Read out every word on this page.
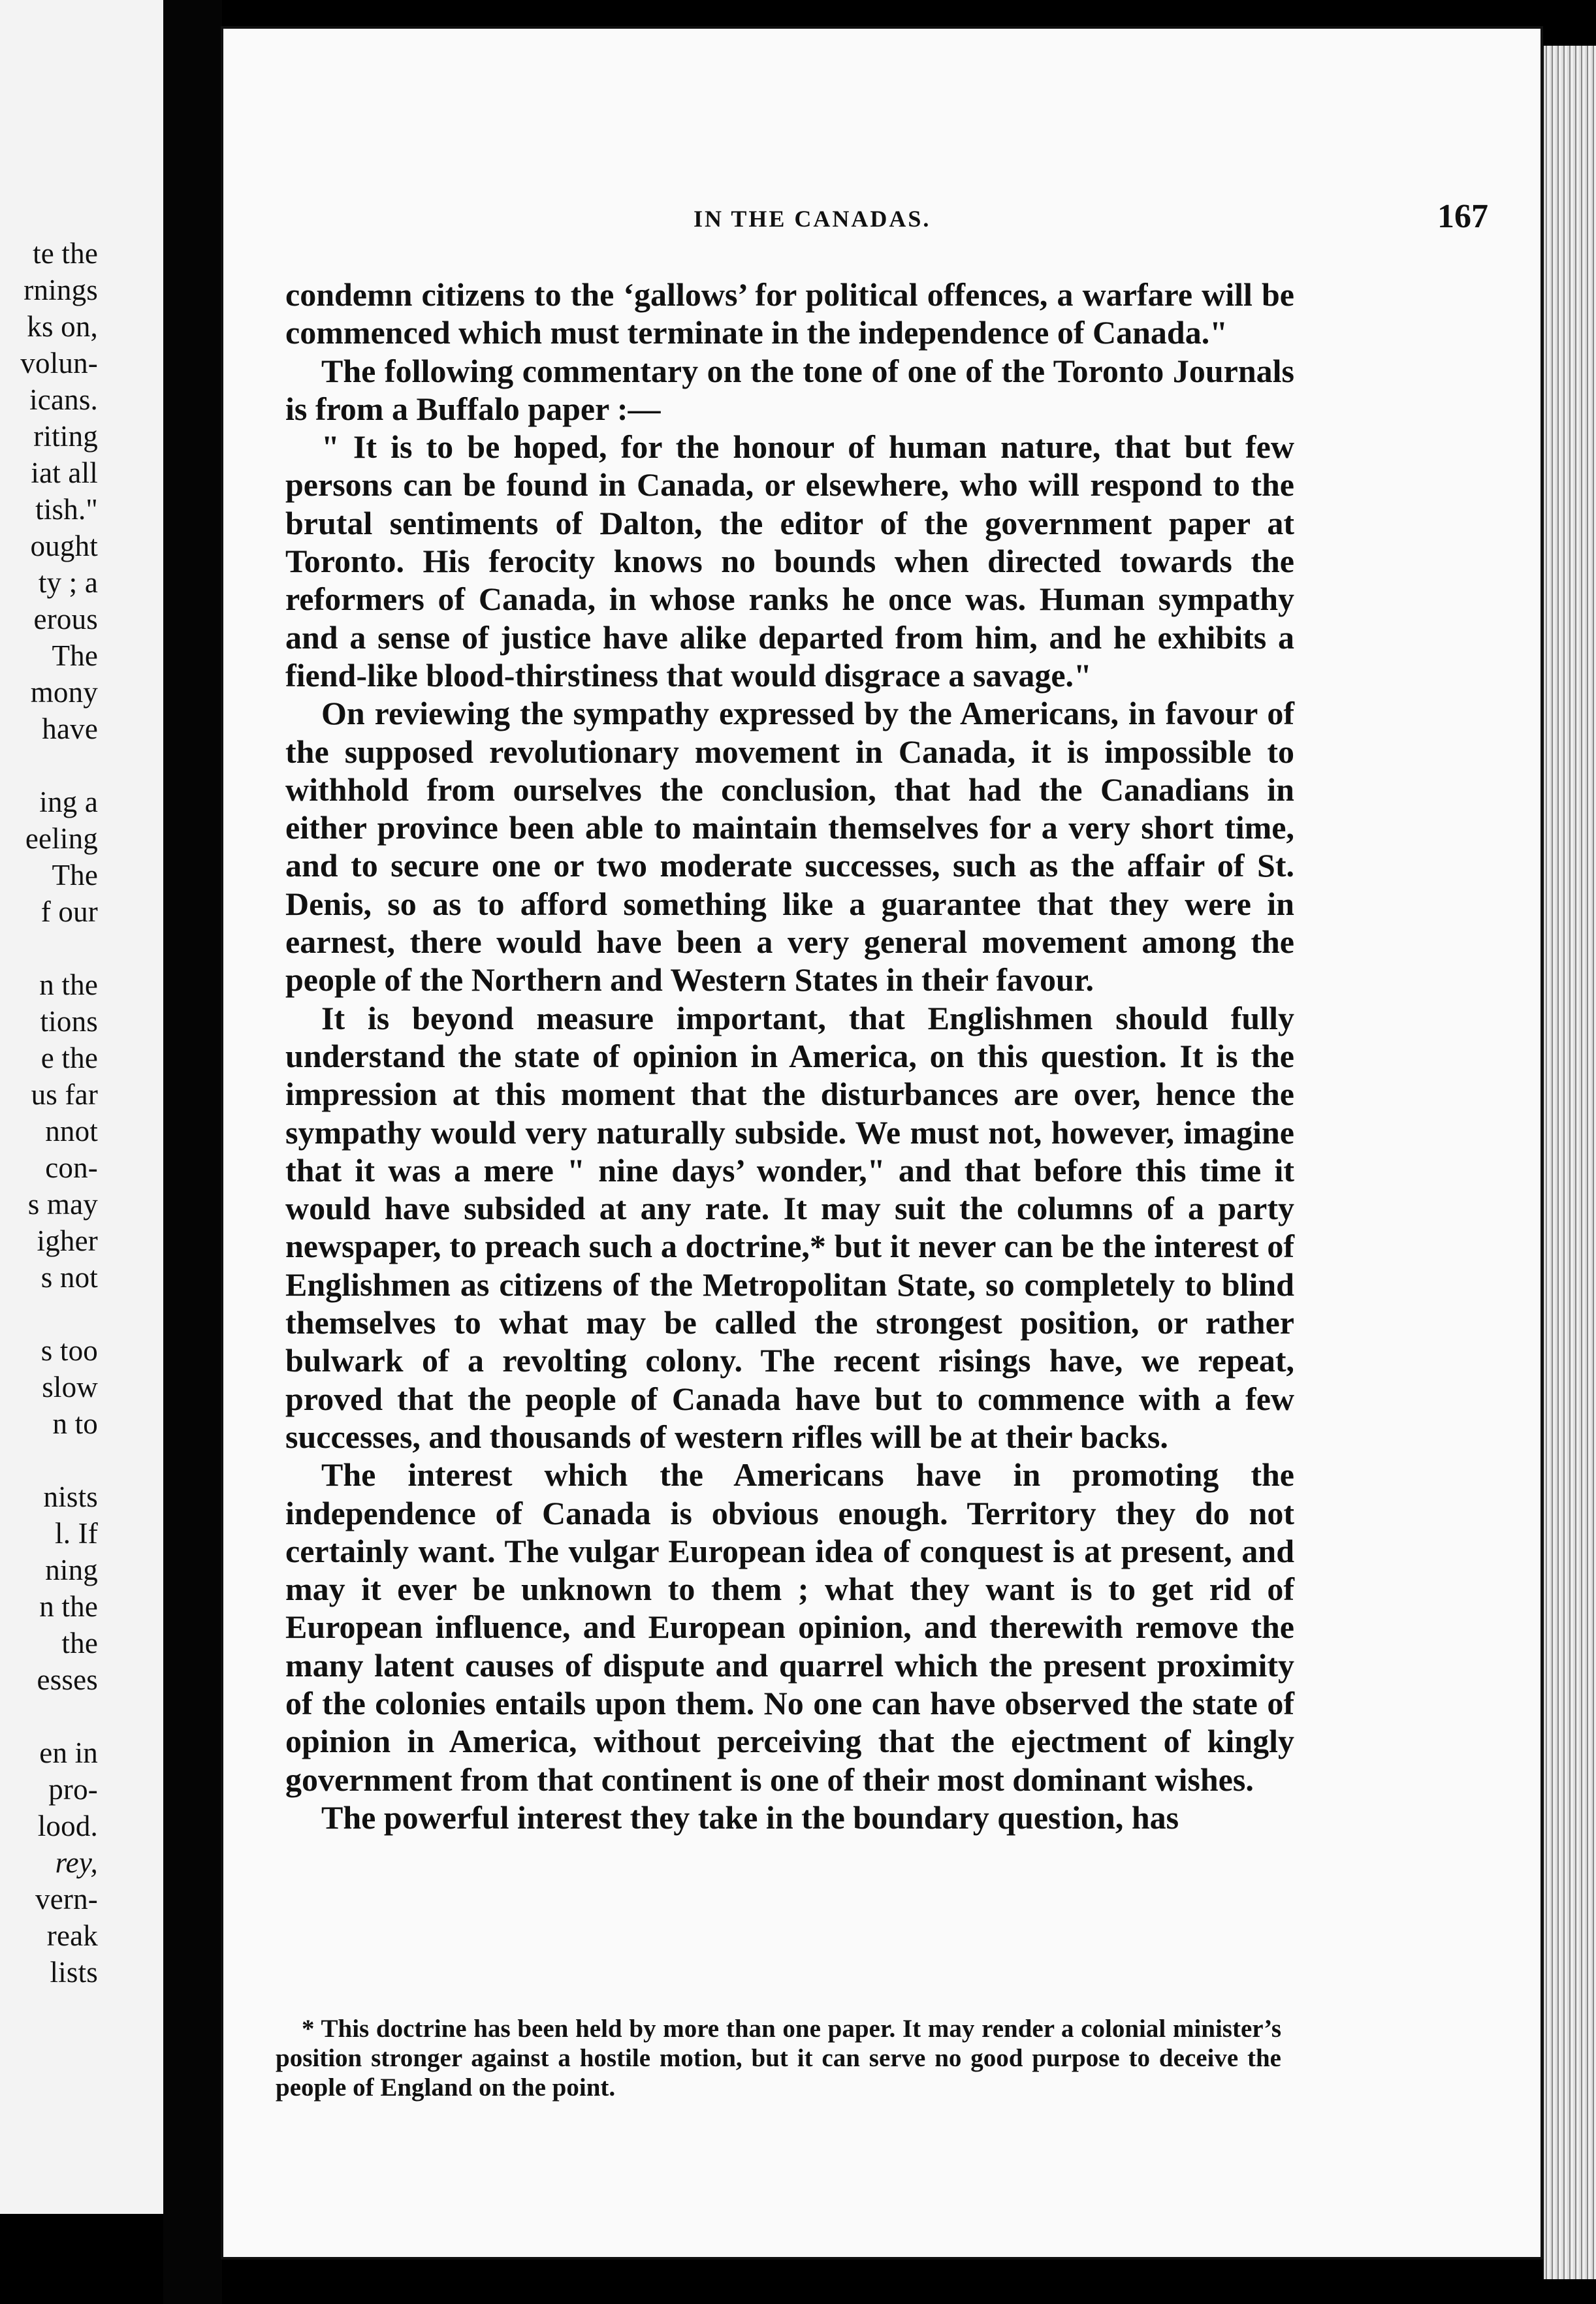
te the
rnings
ks on,
volun-
icans.
riting
iat all
tish."
ought
ty ; a
erous
The
mony
have
ing a
eeling
The
f our
n the
tions
e the
us far
nnot
con-
s may
igher
s not
s too
slow
n to
nists
l. If
ning
n the
the
esses
en in
pro-
lood.
rey,
vern-
reak
lists
IN THE CANADAS.	167

condemn citizens to the ‘gallows’ for political offences, a warfare will be commenced which must terminate in the independence of Canada."

The following commentary on the tone of one of the Toronto Journals is from a Buffalo paper :—

" It is to be hoped, for the honour of human nature, that but few persons can be found in Canada, or elsewhere, who will respond to the brutal sentiments of Dalton, the editor of the government paper at Toronto. His ferocity knows no bounds when directed towards the reformers of Canada, in whose ranks he once was. Human sympathy and a sense of justice have alike departed from him, and he exhibits a fiend-like blood-thirstiness that would disgrace a savage."

On reviewing the sympathy expressed by the Americans, in favour of the supposed revolutionary movement in Canada, it is impossible to withhold from ourselves the conclusion, that had the Canadians in either province been able to maintain themselves for a very short time, and to secure one or two moderate successes, such as the affair of St. Denis, so as to afford something like a guarantee that they were in earnest, there would have been a very general movement among the people of the Northern and Western States in their favour.

It is beyond measure important, that Englishmen should fully understand the state of opinion in America, on this question. It is the impression at this moment that the disturbances are over, hence the sympathy would very naturally subside. We must not, however, imagine that it was a mere " nine days’ wonder," and that before this time it would have subsided at any rate. It may suit the columns of a party newspaper, to preach such a doctrine,* but it never can be the interest of Englishmen as citizens of the Metropolitan State, so completely to blind themselves to what may be called the strongest position, or rather bulwark of a revolting colony. The recent risings have, we repeat, proved that the people of Canada have but to commence with a few successes, and thousands of western rifles will be at their backs.

The interest which the Americans have in promoting the independence of Canada is obvious enough. Territory they do not certainly want. The vulgar European idea of conquest is at present, and may it ever be unknown to them ; what they want is to get rid of European influence, and European opinion, and therewith remove the many latent causes of dispute and quarrel which the present proximity of the colonies entails upon them. No one can have observed the state of opinion in America, without perceiving that the ejectment of kingly government from that continent is one of their most dominant wishes.

The powerful interest they take in the boundary question, has

* This doctrine has been held by more than one paper. It may render a colonial minister’s position stronger against a hostile motion, but it can serve no good purpose to deceive the people of England on the point.
